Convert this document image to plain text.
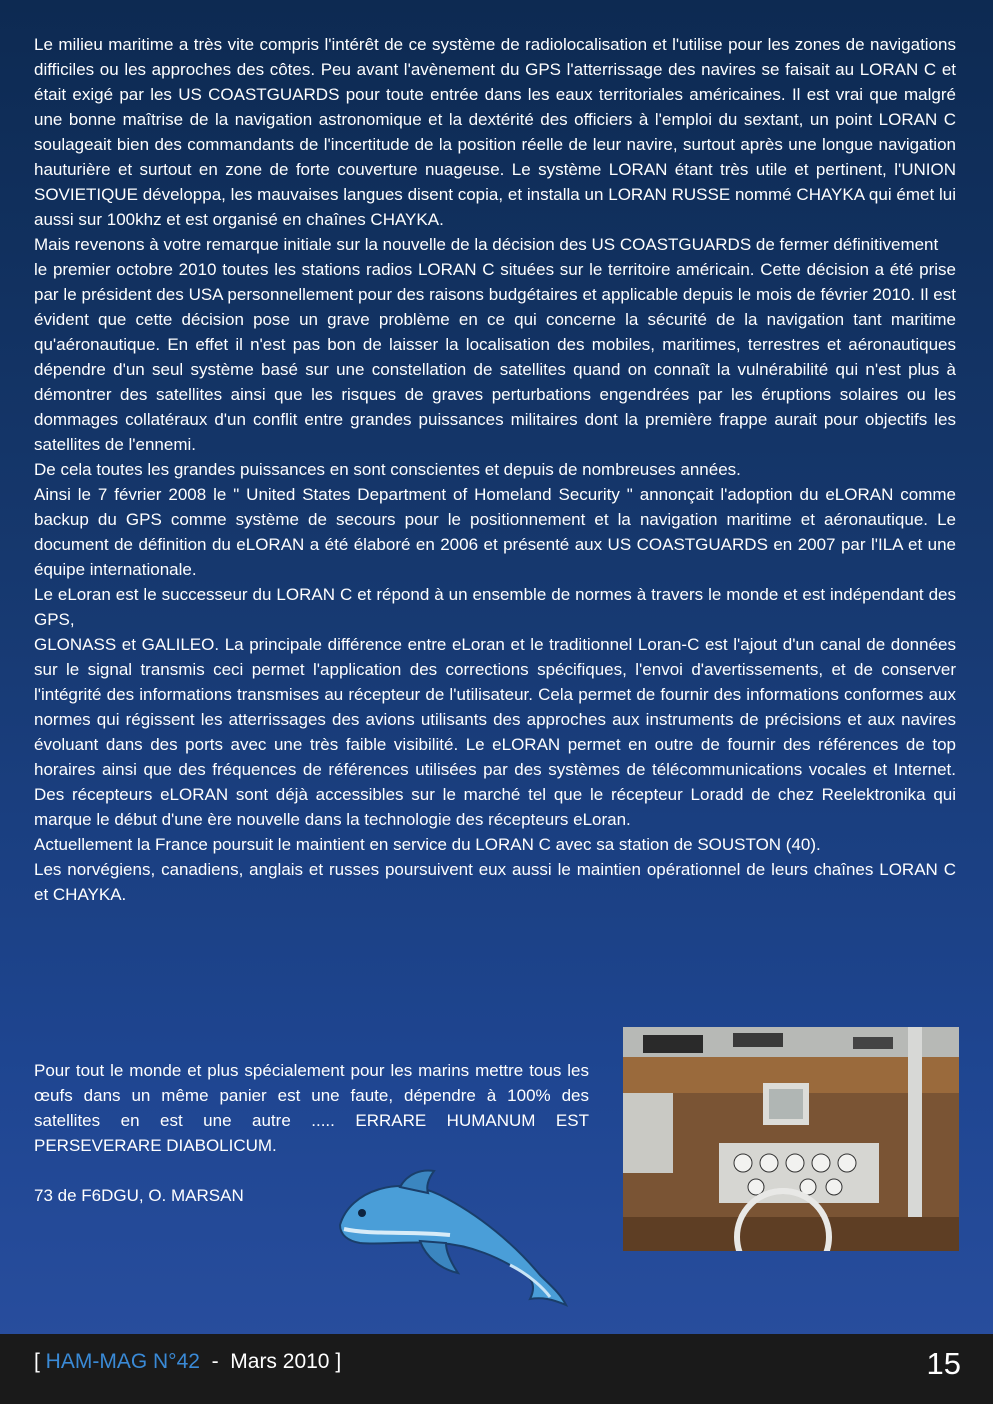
Le milieu maritime a très vite compris l'intérêt de ce système de radiolocalisation et l'utilise pour les zones de navigations difficiles ou les approches des côtes. Peu avant l'avènement du GPS l'atterrissage des navires se faisait au LORAN C et était exigé par les US COASTGUARDS pour toute entrée dans les eaux territoriales américaines. Il est vrai que malgré une bonne maîtrise de la navigation astronomique et la dextérité des officiers à l'emploi du sextant, un point LORAN C soulageait bien des commandants de l'incertitude de la position réelle de leur navire, surtout après une longue navigation hauturière et surtout en zone de forte couverture nuageuse. Le système LORAN étant très utile et pertinent, l'UNION SOVIETIQUE développa, les mauvaises langues disent copia, et installa un LORAN RUSSE nommé CHAYKA qui émet lui aussi sur 100khz et est organisé en chaînes CHAYKA.

Mais revenons à votre remarque initiale sur la nouvelle de la décision des US COASTGUARDS de fermer définitivement

le premier octobre 2010 toutes les stations radios LORAN C situées sur le territoire américain. Cette décision a été prise par le président des USA personnellement pour des raisons budgétaires et applicable depuis le mois de février 2010. Il est évident que cette décision pose un grave problème en ce qui concerne la sécurité de la navigation tant maritime qu'aéronautique. En effet il n'est pas bon de laisser la localisation des mobiles, maritimes, terrestres et aéronautiques dépendre d'un seul système basé sur une constellation de satellites quand on connaît la vulnérabilité qui n'est plus à démontrer des satellites ainsi que les risques de graves perturbations engendrées par les éruptions solaires ou les dommages collatéraux d'un conflit entre grandes puissances militaires dont la première frappe aurait pour objectifs les satellites de l'ennemi.

De cela toutes les grandes puissances en sont conscientes et depuis de nombreuses années.

Ainsi le 7 février 2008 le " United States Department of Homeland Security " annonçait l'adoption du eLORAN comme backup du GPS comme système de secours pour le positionnement et la navigation maritime et aéronautique. Le document de définition du eLORAN a été élaboré en 2006 et présenté aux US COASTGUARDS en 2007 par l'ILA et une équipe internationale.

Le eLoran est le successeur du LORAN C et répond à un ensemble de normes à travers le monde et est indépendant des GPS,

GLONASS et GALILEO. La principale différence entre eLoran et le traditionnel Loran-C est l'ajout d'un canal de données sur le signal transmis ceci permet l'application des corrections spécifiques, l'envoi d'avertissements, et de conserver l'intégrité des informations transmises au récepteur de l'utilisateur. Cela permet de fournir des informations conformes aux normes qui régissent les atterrissages des avions utilisants des approches aux instruments de précisions et aux navires évoluant dans des ports avec une très faible visibilité. Le eLORAN permet en outre de fournir des références de top horaires ainsi que des fréquences de références utilisées par des systèmes de télécommunications vocales et Internet. Des récepteurs eLORAN sont déjà accessibles sur le marché tel que le récepteur Loradd de chez Reelektronika qui marque le début d'une ère nouvelle dans la technologie des récepteurs eLoran.

Actuellement la France poursuit le maintient en service du LORAN C avec sa station de SOUSTON (40).

Les norvégiens, canadiens, anglais et russes poursuivent eux aussi le maintien opérationnel de leurs chaînes LORAN C et CHAYKA.

Pour tout le monde et plus spécialement pour les marins mettre tous les œufs dans un même panier est une faute, dépendre à 100% des satellites en est une autre ..... ERRARE HUMANUM EST PERSEVERARE DIABOLICUM.

73 de F6DGU, O. MARSAN

[ HAM-MAG N°42  -  Mars 2010 ]	15
